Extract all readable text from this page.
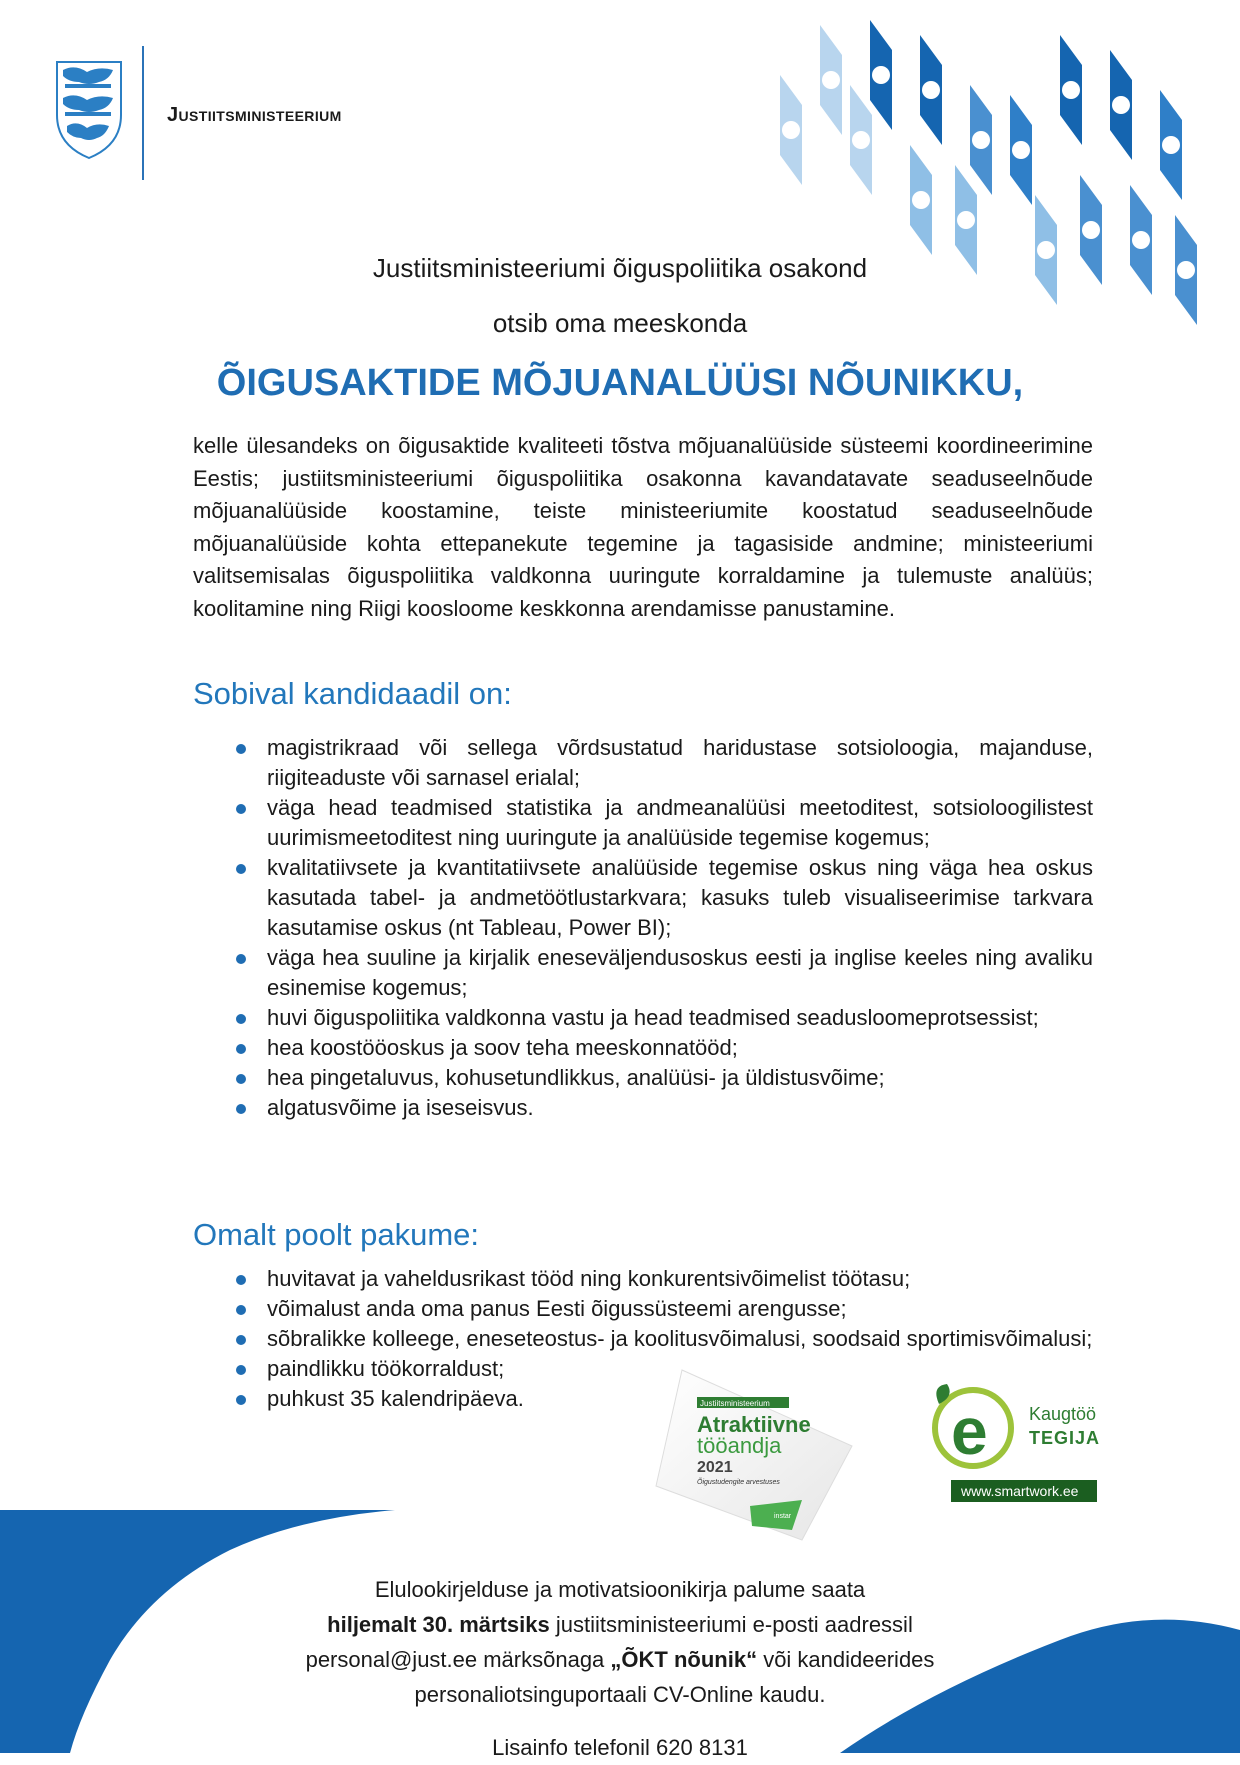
Justiitsministeerium
Justiitsministeeriumi õiguspoliitika osakond
otsib oma meeskonda
ÕIGUSAKTIDE MÕJUANALÜÜSI NÕUNIKKU,
kelle ülesandeks on õigusaktide kvaliteeti tõstva mõjuanalüüside süsteemi koordineerimine Eestis; justiitsministeeriumi õiguspoliitika osakonna kavandatavate seaduseelnõude mõjuanalüüside koostamine, teiste ministeeriumite koostatud seaduseelnõude mõjuanalüüside kohta ettepanekute tegemine ja tagasiside andmine; ministeeriumi valitsemisalas õiguspoliitika valdkonna uuringute korraldamine ja tulemuste analüüs; koolitamine ning Riigi koosloome keskkonna arendamisse panustamine.
Sobival kandidaadil on:
magistrikraad või sellega võrdsustatud haridustase sotsioloogia, majanduse, riigiteaduste või sarnasel erialal;
väga head teadmised statistika ja andmeanalüüsi meetoditest, sotsioloogilistest uurimismeetoditest ning uuringute ja analüüside tegemise kogemus;
kvalitatiivsete ja kvantitatiivsete analüüside tegemise oskus ning väga hea oskus kasutada tabel- ja andmetöötlustarkvara; kasuks tuleb visualiseerimise tarkvara kasutamise oskus (nt Tableau, Power BI);
väga hea suuline ja kirjalik eneseväljendusoskus eesti ja inglise keeles ning avaliku esinemise kogemus;
huvi õiguspoliitika valdkonna vastu ja head teadmised seadusloomeprotsessist;
hea koostööoskus ja soov teha meeskonnatööd;
hea pingetaluvus, kohusetundlikkus, analüüsi- ja üldistusvõime;
algatusvõime ja iseseisvus.
Omalt poolt pakume:
huvitavat ja vaheldusrikast tööd ning konkurentsivõimelist töötasu;
võimalust anda oma panus Eesti õigussüsteemi arengusse;
sõbralikke kolleege, eneseteostus- ja koolitusvõimalusi, soodsaid sportimisvõimalusi;
paindlikku töökorraldust;
puhkust 35 kalendripäeva.	Justiitsministeerium
Atraktiivne
tööandja
2021
Õigustudengite arvestuses
instar
e Kaugtöö
TEGIJA
www.smartwork.ee
Elulookirjelduse ja motivatsioonikirja palume saata
hiljemalt 30. märtsiks justiitsministeeriumi e-posti aadressil
personal@just.ee märksõnaga „ÕKT nõunik“ või kandideerides
personaliotsinguportaali CV-Online kaudu.
Lisainfo telefonil 620 8131
